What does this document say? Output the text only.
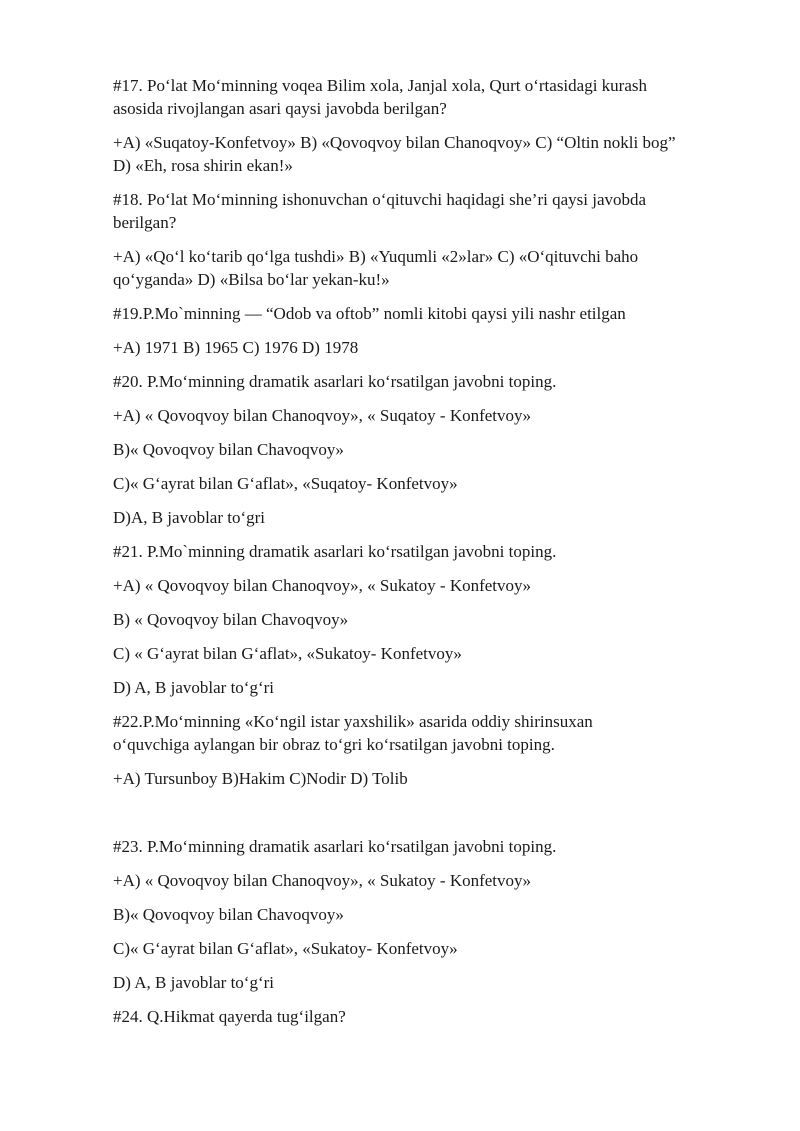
#17. Po‘lat Mo‘minning voqea Bilim xola, Janjal xola, Qurt o‘rtasidagi kurash
asosida rivojlangan asari qaysi javobda berilgan?

+A) «Suqatoy-Konfetvoy» B) «Qovoqvoy bilan Chanoqvoy» C) “Oltin nokli bog”
D) «Eh, rosa shirin ekan!»

#18. Po‘lat Mo‘minning ishonuvchan o‘qituvchi haqidagi she’ri qaysi javobda
berilgan?

+A) «Qo‘l ko‘tarib qo‘lga tushdi» B) «Yuqumli «2»lar» C) «O‘qituvchi baho
qo‘yganda» D) «Bilsa bo‘lar yekan-ku!»

#19.P.Mo`minning — “Odob va oftob” nomli kitobi qaysi yili nashr etilgan

+A) 1971 B) 1965 C) 1976 D) 1978

#20. P.Mo‘minning dramatik asarlari ko‘rsatilgan javobni toping.

+A) « Qovoqvoy bilan Chanoqvoy», « Suqatoy - Konfetvoy»

B)« Qovoqvoy bilan Chavoqvoy»

C)« G‘ayrat bilan G‘aflat», «Suqatoy- Konfetvoy»

D)A, B javoblar to‘gri

#21. P.Mo`minning dramatik asarlari ko‘rsatilgan javobni toping.

+A) « Qovoqvoy bilan Chanoqvoy», « Sukatoy - Konfetvoy»

B) « Qovoqvoy bilan Chavoqvoy»

C) « G‘ayrat bilan G‘aflat», «Sukatoy- Konfetvoy»

D) A, B javoblar to‘g‘ri

#22.P.Mo‘minning «Ko‘ngil istar yaxshilik» asarida oddiy shirinsuxan
o‘quvchiga aylangan bir obraz to‘gri ko‘rsatilgan javobni toping.

+A) Tursunboy B)Hakim C)Nodir D) Tolib

#23. P.Mo‘minning dramatik asarlari ko‘rsatilgan javobni toping.

+A) « Qovoqvoy bilan Chanoqvoy», « Sukatoy - Konfetvoy»

B)« Qovoqvoy bilan Chavoqvoy»

C)« G‘ayrat bilan G‘aflat», «Sukatoy- Konfetvoy»

D) A, B javoblar to‘g‘ri

#24. Q.Hikmat qayerda tug‘ilgan?
